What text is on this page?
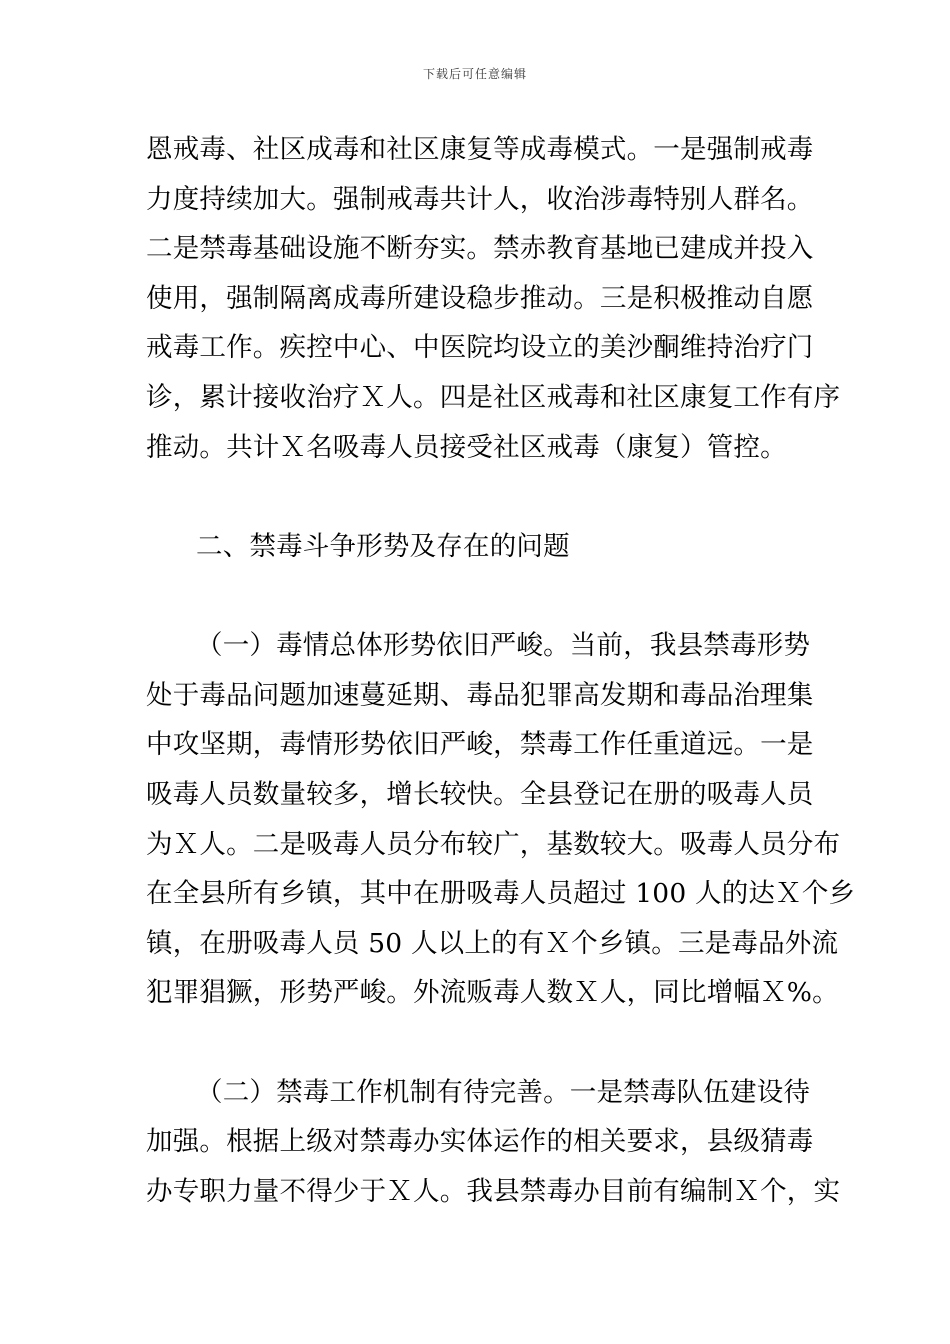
下载后可任意编辑
恩戒毒、社区成毒和社区康复等成毒模式。一是强制戒毒
力度持续加大。强制戒毒共计人，收治涉毒特别人群名。
二是禁毒基础设施不断夯实。禁赤教育基地已建成并投入
使用，强制隔离成毒所建设稳步推动。三是积极推动自愿
戒毒工作。疾控中心、中医院均设立的美沙酮维持治疗门
诊，累计接收治疗Ｘ人。四是社区戒毒和社区康复工作有序
推动。共计Ｘ名吸毒人员接受社区戒毒（康复）管控。
二、禁毒斗争形势及存在的问题
（一）毒情总体形势依旧严峻。当前，我县禁毒形势
处于毒品问题加速蔓延期、毒品犯罪高发期和毒品治理集
中攻坚期，毒情形势依旧严峻，禁毒工作任重道远。一是
吸毒人员数量较多，增长较快。全县登记在册的吸毒人员
为Ｘ人。二是吸毒人员分布较广，基数较大。吸毒人员分布
在全县所有乡镇，其中在册吸毒人员超过 100 人的达Ｘ个乡
镇，在册吸毒人员 50 人以上的有Ｘ个乡镇。三是毒品外流
犯罪猖獗，形势严峻。外流贩毒人数Ｘ人，同比增幅Ｘ%。
（二）禁毒工作机制有待完善。一是禁毒队伍建设待
加强。根据上级对禁毒办实体运作的相关要求，县级猜毒
办专职力量不得少于Ｘ人。我县禁毒办目前有编制Ｘ个，实
